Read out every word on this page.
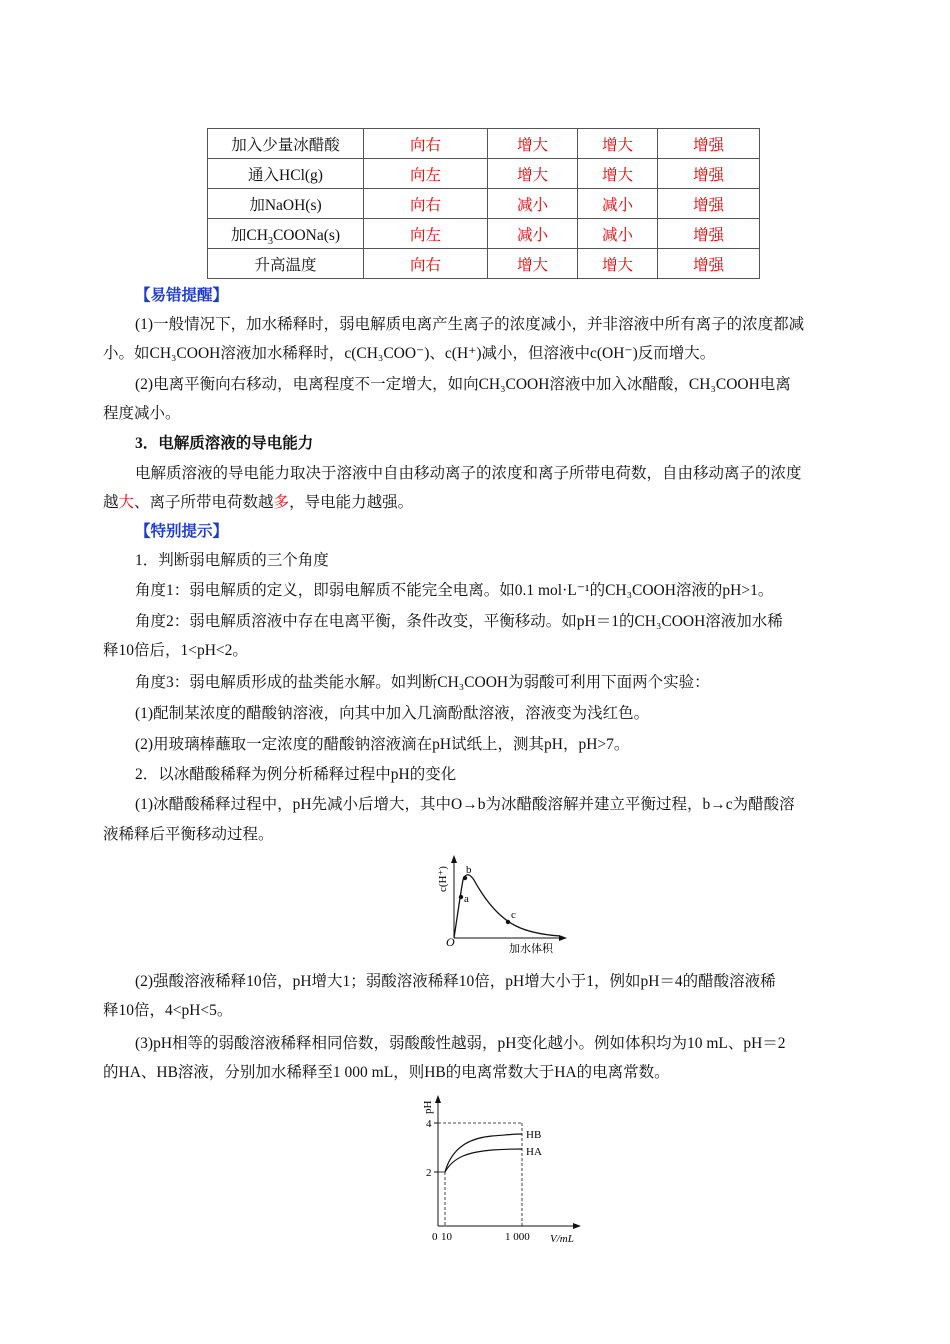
加入少量冰醋酸	向右	增大	增大	增强
通入HCl(g)	向左	增大	增大	增强
加NaOH(s)	向右	减小	减小	增强
加$CH_3COONa(s)$	向左	减小	减小	增强
升高温度	向右	增大	增大	增强
【易错提醒】
(1)一般情况下，加水稀释时，弱电解质电离产生离子的浓度减小，并非溶液中所有离子的浓度都减
小。如CH₃COOH溶液加水稀释时，c(CH₃COO⁻)、c(H⁺)减小，但溶液中c(OH⁻)反而增大。
(2)电离平衡向右移动，电离程度不一定增大，如向CH₃COOH溶液中加入冰醋酸，CH₃COOH电离
程度减小。
3．电解质溶液的导电能力
电解质溶液的导电能力取决于溶液中自由移动离子的浓度和离子所带电荷数，自由移动离子的浓度
越大、离子所带电荷数越多，导电能力越强。
【特别提示】
1．判断弱电解质的三个角度
角度1：弱电解质的定义，即弱电解质不能完全电离。如0.1 mol·L⁻¹的CH₃COOH溶液的pH>1。
角度2：弱电解质溶液中存在电离平衡，条件改变，平衡移动。如pH＝1的CH₃COOH溶液加水稀
释10倍后，1<pH<2。
角度3：弱电解质形成的盐类能水解。如判断CH₃COOH为弱酸可利用下面两个实验：
(1)配制某浓度的醋酸钠溶液，向其中加入几滴酚酞溶液，溶液变为浅红色。
(2)用玻璃棒蘸取一定浓度的醋酸钠溶液滴在pH试纸上，测其pH，pH>7。
2．以冰醋酸稀释为例分析稀释过程中pH的变化
(1)冰醋酸稀释过程中，pH先减小后增大，其中O→b为冰醋酸溶解并建立平衡过程，b→c为醋酸溶
液稀释后平衡移动过程。
a
b
c
O	加水体积
c(H⁺)
(2)强酸溶液稀释10倍，pH增大1；弱酸溶液稀释10倍，pH增大小于1，例如pH＝4的醋酸溶液稀
释10倍，4<pH<5。
(3)pH相等的弱酸溶液稀释相同倍数，弱酸酸性越弱，pH变化越小。例如体积均为10 mL、pH＝2
的HA、HB溶液，分别加水稀释至1 000 mL，则HB的电离常数大于HA的电离常数。
HB
HA
4
2
0 10	1 000 V/mL
pH
